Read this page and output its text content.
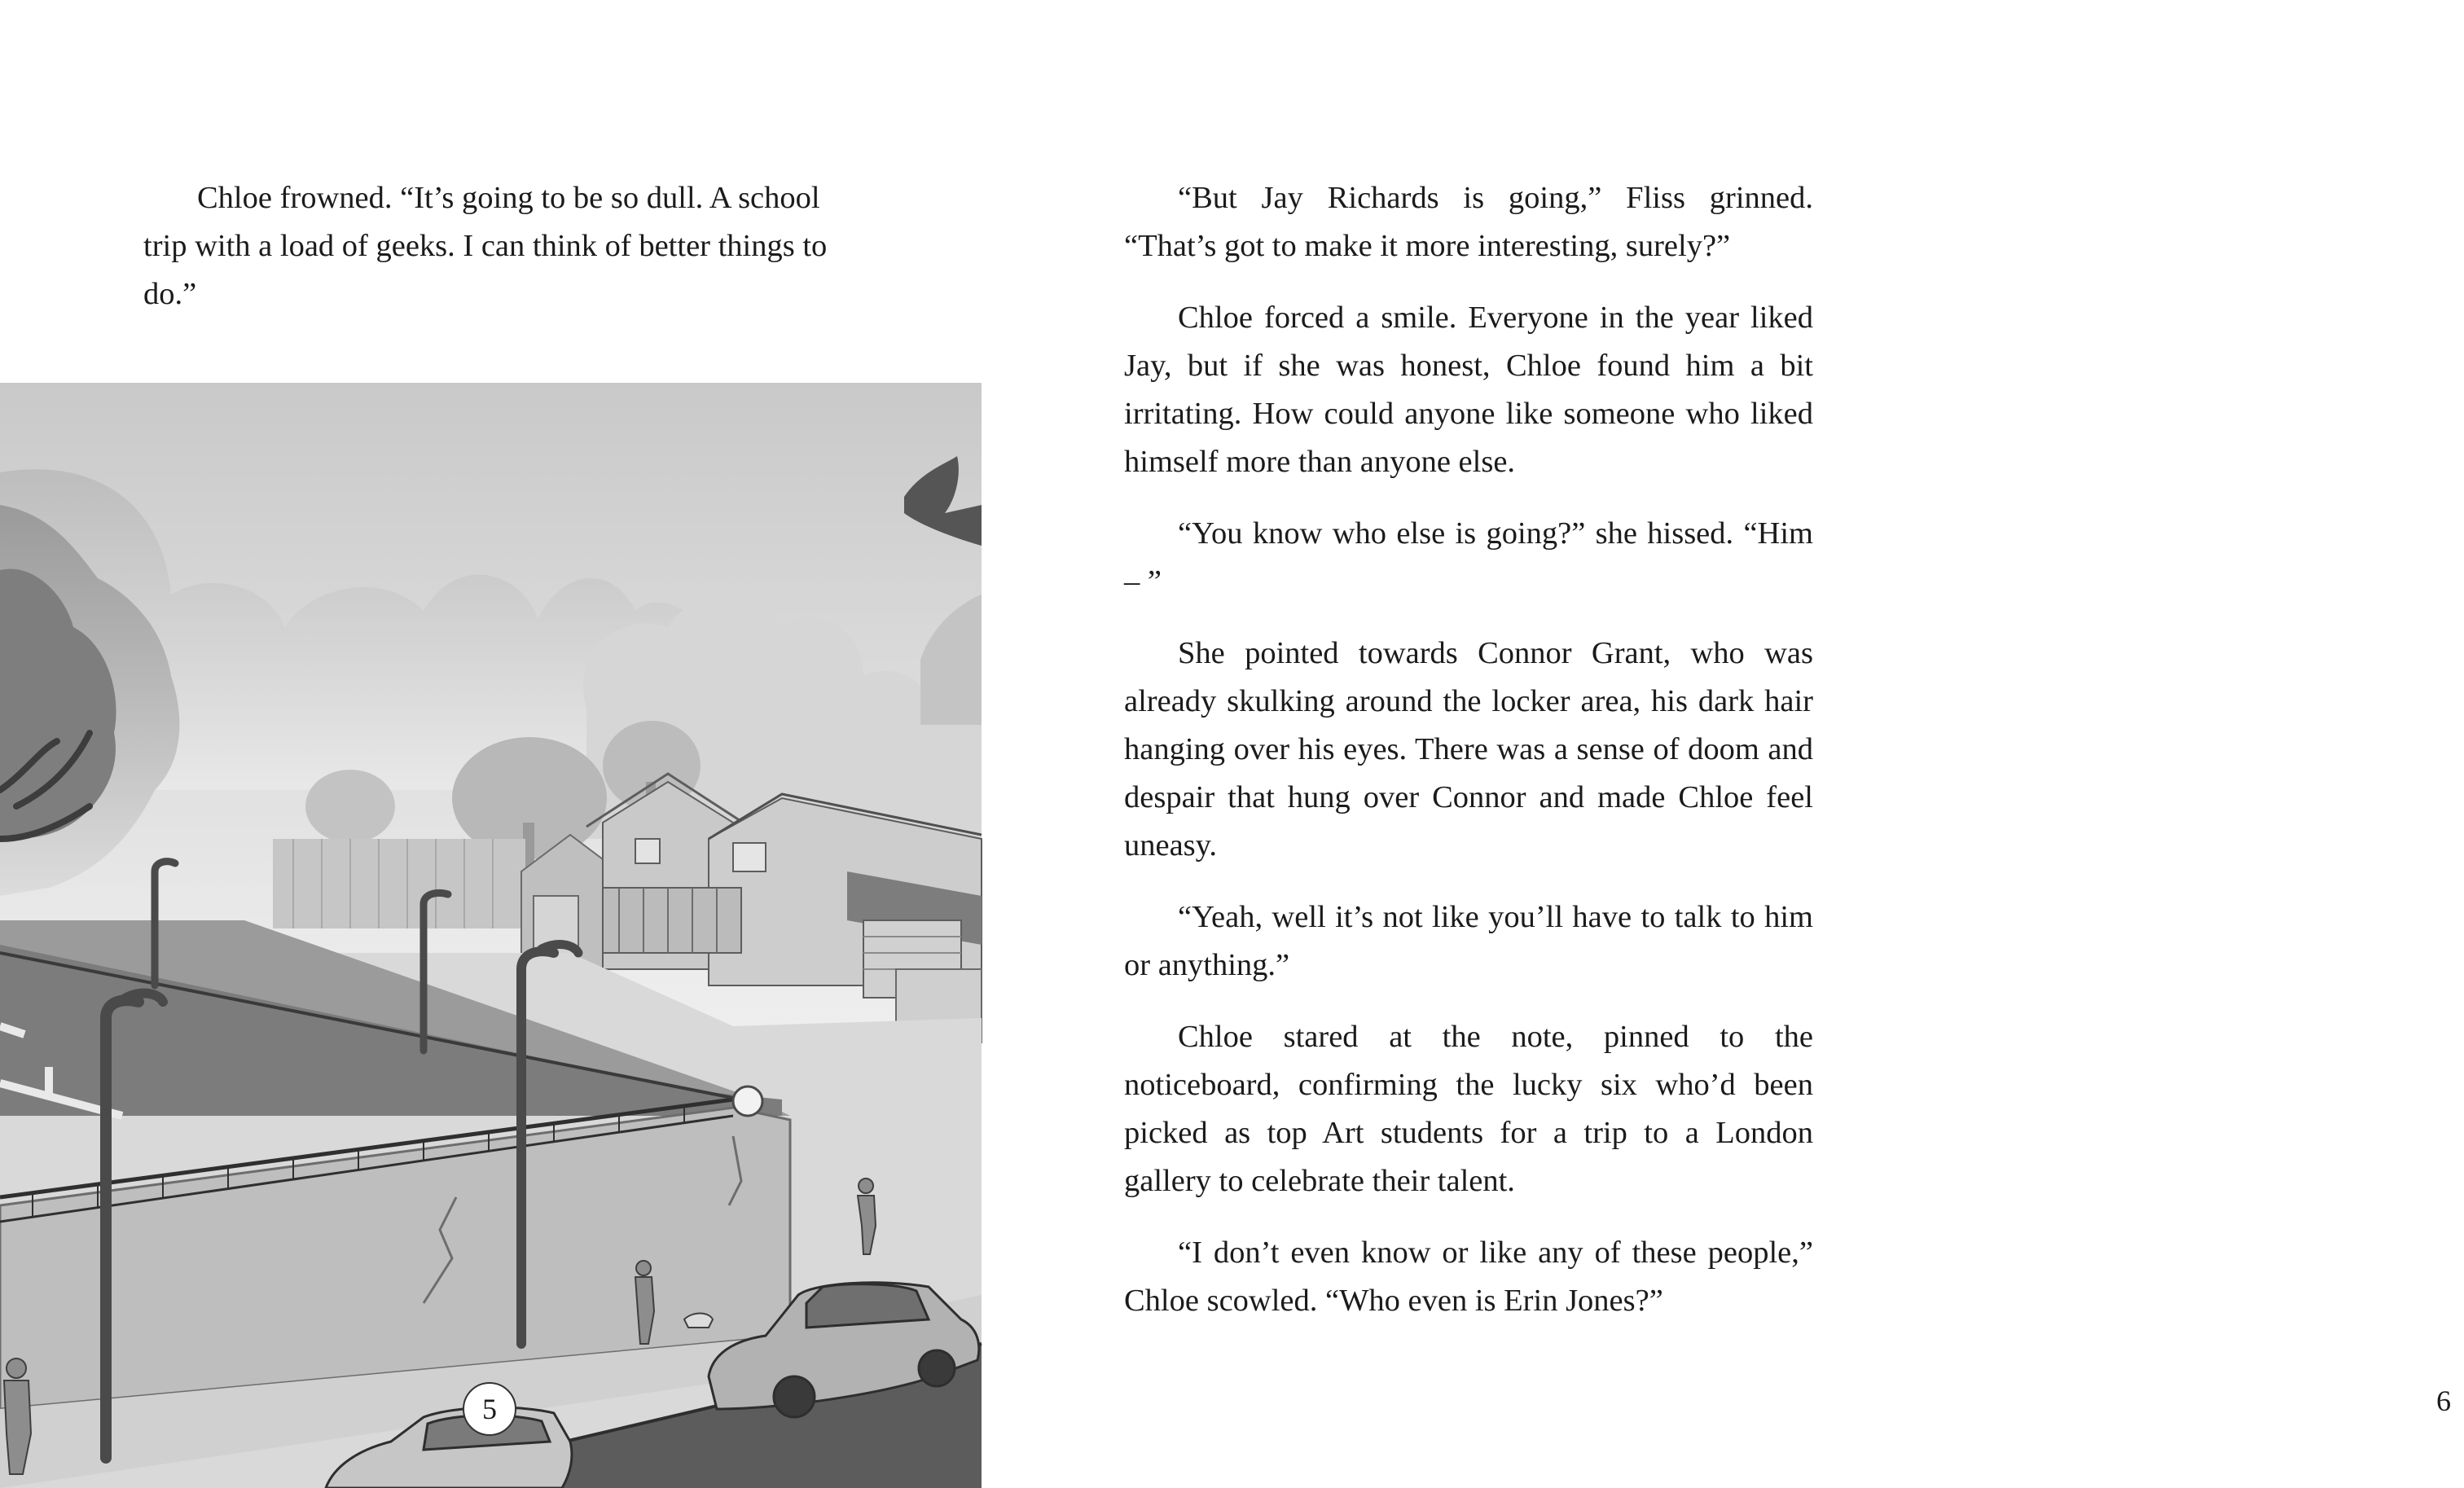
Chloe frowned. “It’s going to be so dull. A school trip with a load of geeks. I can think of better things to do.”

5

“But Jay Richards is going,” Fliss grinned. “That’s got to make it more interesting, surely?”

Chloe forced a smile. Everyone in the year liked Jay, but if she was honest, Chloe found him a bit irritating. How could anyone like someone who liked himself more than anyone else.

“You know who else is going?” she hissed. “Him – ”

She pointed towards Connor Grant, who was already skulking around the locker area, his dark hair hanging over his eyes. There was a sense of doom and despair that hung over Connor and made Chloe feel uneasy.

“Yeah, well it’s not like you’ll have to talk to him or anything.”

Chloe stared at the note, pinned to the noticeboard, confirming the lucky six who’d been picked as top Art students for a trip to a London gallery to celebrate their talent.

“I don’t even know or like any of these people,” Chloe scowled. “Who even is Erin Jones?”

6
